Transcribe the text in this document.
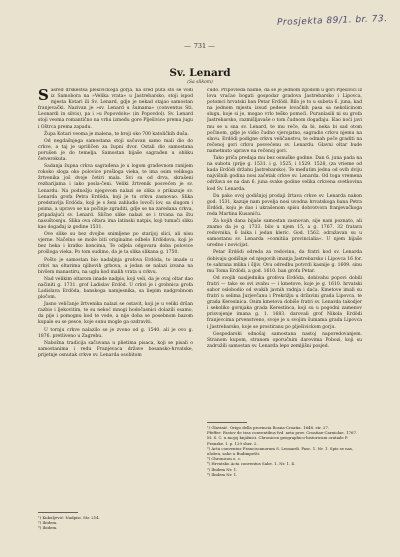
Prosjekta 89/1. br. 73.
— 731 —
Sv. Lenard
(Sa slikom)

Sasred drskestsa plešivičkoga gorja, na sred puta što se vodi iz Samobora na »Velika vrata« u Jastrebarsko, stoji ispod mjesta Kotari ili Sv. Lenard, gdje je nekad stajao samostan franjevački. Nazivan je »sv. Lenard u šumama« (conventus Sti. Leonardi in silvis), pa i »u Popovdolu« (in Popovdol). Sv. Lenard stoji veoma romantično na vrhu između gore Plješivice prema jugu i Oštrca prema zapadu.

Župa Kotari veoma je malena, te broji oko 700 katoličkih duša.

Od negdašnjega samostana stoji sačuvan samo mali dio do crkve, a taj je upriličen za župni dvor. Ostali dio samostana porušen je do temelja. Samostan bijaše sagrađen u obliku četverokuta.

Sadanja župna crkva sagrađena je u logom građevnom ranijem rokoko sloga oko polovice prošloga vieka, te ima osim velikoga žrtvenika još dvoje četiri mala. Svi su od drva, skrašeni rezbarijama i iako posla-čeni. Veliki žrtvenik posvećen je sv. Lenardu. Na podnožju njegovom nalazi se slika o prikazuje sv. Lenarda grofa Petra Erdöda, koji je tu crkvu zasnovao. Slika predstavlja Erdöda, koji je s ženi zahludio lovoči lov, sa slugom i psima, a upravo se na počinje zgraditi, gdje se na zaredana crkva, pripadajući sv. Lenard. Slične slike nalazi se i trvana na štu nasuštosnju. Slika ova oltara ima latinski natpis, koji tumači sliku kao događaj iz godine 1531.

Ove slike su bez dvojbe snimljene po starijoj slici, ali nisu vjerne. Načelno se može biti originalno odbelo Erdödova, koji je bez heka i kratko koncima, Te odjela odgovara doba polovice prošloga vieka. Po tom sudimo, da je ta slika slikana g. 1750.

Pošto je samostan bio nadaljnja grofova Erdöda, to imade u crkvi na oltarima njihovih grbova, a jedan se nalazi izvana na bivšem manastiru, na uglu kod malih vrata u crkvu.

Nad velikim oltarom imade nadpis, koji veli, da je ovaj oltar dao načiniti g. 1731. grof Ladislav Erdöd. U crkvi je i grobnica grofa Ladislava Erdöda, banskoga namjesnika, sa liepim nadgrobnom pločom.

Jasno veličanje žrtvenika nalazi se ostavit, koji je u veliki dršan razbio i ljekovitim, te su nekoć mnogi hodočasnici dolazili osamo, da pije i pomognu kod te vode, a nije doba se posebnom bazom kupale su se pesce, koje sunu mogle ga ozdraviti.

U tornju crkve nalazilo se je zvono od g. 1540. ali je ovo g. 1876. pretliveno u Zagrebu.

Nabožna tradicija sačuvana u plietima pisaca, koji se pisali o samostanima i redu Franjevaca države bosansko-hrvatske, prijetnje osnutak crkve sv. Lenarda osobitom

čudo. Pripovieda naime, da se je jednom zgodom u gori Plješivici iz lova vraćao bogati gospodar gradova Jastrebarsko i Lipovca, potomci hrvatski ban Petar Erdödi. Bilo je to u subota 6. juna, kad na jednom mjestu izsud pedese lovačkih pasa sa nekolicinom slugu, koje si je, mogao vrlo teško pomoći. Puranlasili ni su grofa Jastrebarsko, razmišljavaše o tom čudnom događaju. Išao noći javi mu se u sna sv. Lenard, te mu reče, da bi, neka bi sad otom počinom, gdje je vidio čudno vjerojatno, sagradio crkvu njemu na slavu. Erdödi podigne crkvu veličanstvu, te odmah poče graditi na rečenoj gori crkvu posvećenu sv. Lenardu. Glavni oltar bude nametnuto uprave na rečenoj gori.

Tako priča predaja mu bez osnuške godine. Dan 6. juna pada na na subotu (prije g. 1531. i g. 1525, i 1529. 1528, (za vrieme od kada Erdödi držahu Jastrebarsko). Te međutim jedna od ovih dviju najvišnih godina nosi začetak crkve sv. Lenarda. Od toga vremena održava se na dan 6. juna svake godine velika crkvena svetkovina kod Sv. Lenarda.

Da pako ovoj godišnjoj prodaji žrtava crkve sv. Lenarda nakon god. 1531, kazuje nam povelja nosi uvodna hrvatskoga bana Petra Erdödi, koju je dao i ukrašenom spisu dobrotvora franjevačkoga reda Martina Kusaniću.

Za kojih dana bijaše samostan zasnovan, sije nam poznato, ali znamo da je g. 1733. bilo u njem 15, a g. 1767. 32 fratara redovnika, 6 laika i jedan kleric. God. 1562. odražavan su u samostanu sv. Lenarda »comitiia provincialia«. U njem bijaše uredno i novicijat.

Petar Erdödi odreda za redovinu, da fratri kod sv. Lenarda dobivaju godišnje od njegovih imanja Jastrebarsko i Lipovca 16 for. te sahrana mlika i šljiv. Ovu odredbu potvrdi kasnije g. 1609. sinu mu Toma Erdödi, a god. 1610. ban grofu Petar.

Od svojih nasljednika grofova Erdöda, dobivahu popovi dobili fratri — tako se ovi zvahu — i kmetove, koje je g. 1610. hrvatski sabor oslobodio od svakih javnih radnja i daća. Kmetove imali su fratri u selima Jurjevčanu i Prekrižju u državini grada Lipovca, te grada Keresinica. Osim kmetova dobiše fratri sv. Lenarda takodjer i sekoliko gornjaka grada Kerestinca, koji su u pogodni zamenov prisvojenje imana g. 1. 1683. darovali grof Nikola Erdödi franjevcima prvenstveno, svoje je u svojim šumama grada Lipovca i Jastrebarsko, koje se prostiranu po plješivickom gorju.

Gospodarski odnošaj samostana nastoj naporedovanjem. Stranom kupom, stranom oporučnim darovima Pobozi, koji su zadružili samostan sv. Lenarda lepo zemljišni posjed.

¹) Kukuljević: Nadpisi. Str. 214.

²) Ibidem.

³) Ibidem.

¹) Glavinić. Origo della provincia Bosna-Croatia. 1648. str. 27.

Pfeffer: Fastov de tras conventibus fvd. aeta prov. Croatiae-Carniolae. 1767. M. S. C. u mojoj knjižnici. Chronicon geographico-historicum oratiale P. Franzke. I. p. 129 sher. 2.

²) Acta conventus Franciscanorum S. Leonardi. Fasc. 1. Nr. 1. Spis se nas, uložen, sabe u Budimpešti.

³) Chronicon o. c.

⁴) Hrvatsko Acta conventus Sabe. 1. Nr. 1. 4.

⁵) Ibidem Nr. 1.

⁶) Ibidem Nr. 1.
